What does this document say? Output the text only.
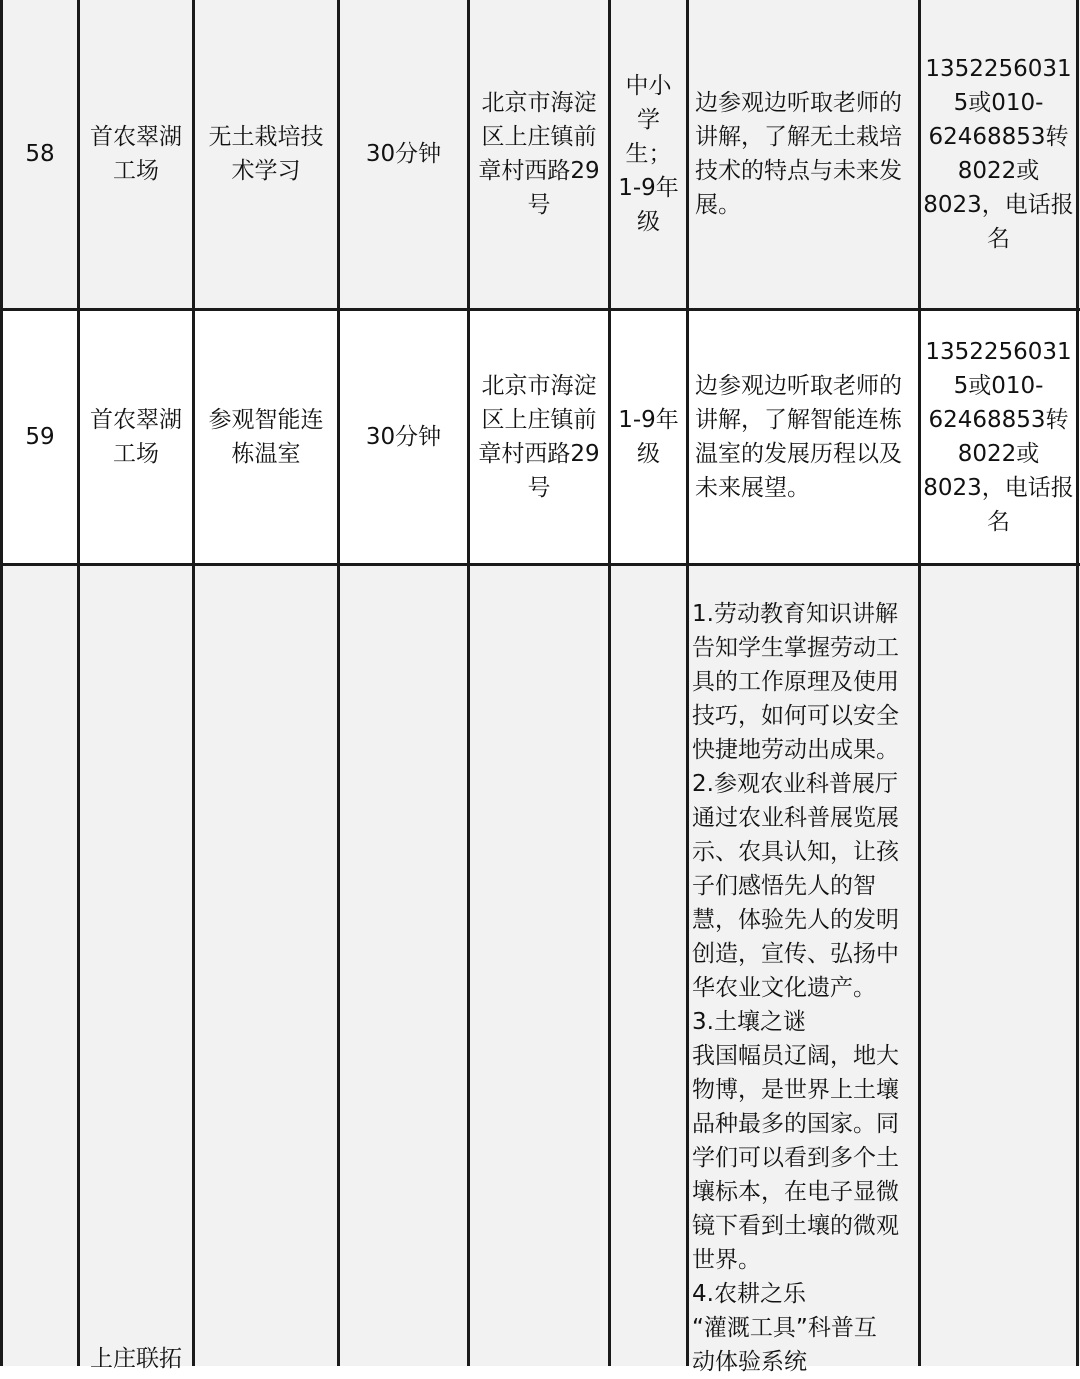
58
首农翠湖
工场
无土栽培技
术学习
30分钟
北京市海淀
区上庄镇前
章村西路29
号
中小
学
生；
1-9年
级
边参观边听取老师的
讲解，了解无土栽培
技术的特点与未来发
展。
1352256031
5或010-
62468853转
8022或
8023，电话报
名
59
首农翠湖
工场
参观智能连
栋温室
30分钟
北京市海淀
区上庄镇前
章村西路29
号
1-9年
级
边参观边听取老师的
讲解，了解智能连栋
温室的发展历程以及
未来展望。
1352256031
5或010-
62468853转
8022或
8023，电话报
名
1.劳动教育知识讲解
告知学生掌握劳动工
具的工作原理及使用
技巧，如何可以安全
快捷地劳动出成果。
2.参观农业科普展厅
通过农业科普展览展
示、农具认知，让孩
子们感悟先人的智
慧，体验先人的发明
创造，宣传、弘扬中
华农业文化遗产。
3.土壤之谜
我国幅员辽阔，地大
物博，是世界上土壤
品种最多的国家。同
学们可以看到多个土
壤标本，在电子显微
镜下看到土壤的微观
世界。
4.农耕之乐
“灌溉工具”科普互
动体验系统
上庄联拓
